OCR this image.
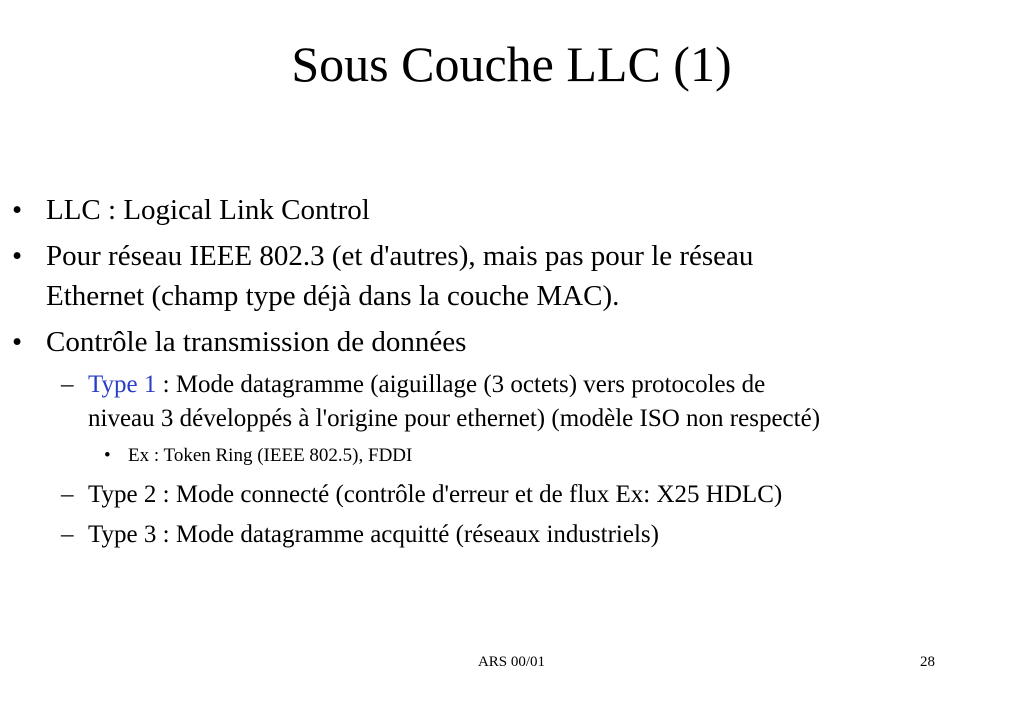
Sous Couche LLC (1)
• LLC : Logical Link Control
• Pour réseau IEEE 802.3 (et d'autres), mais pas pour le réseau
Ethernet (champ type déjà dans la couche MAC).
• Contrôle la transmission de données
– Type 1 : Mode datagramme (aiguillage (3 octets) vers protocoles de
niveau 3 développés à l'origine pour ethernet) (modèle ISO non respecté)
• Ex : Token Ring (IEEE 802.5), FDDI
– Type 2 : Mode connecté (contrôle d'erreur et de flux Ex: X25 HDLC)
– Type 3 : Mode datagramme acquitté (réseaux industriels)
ARS 00/01	28
